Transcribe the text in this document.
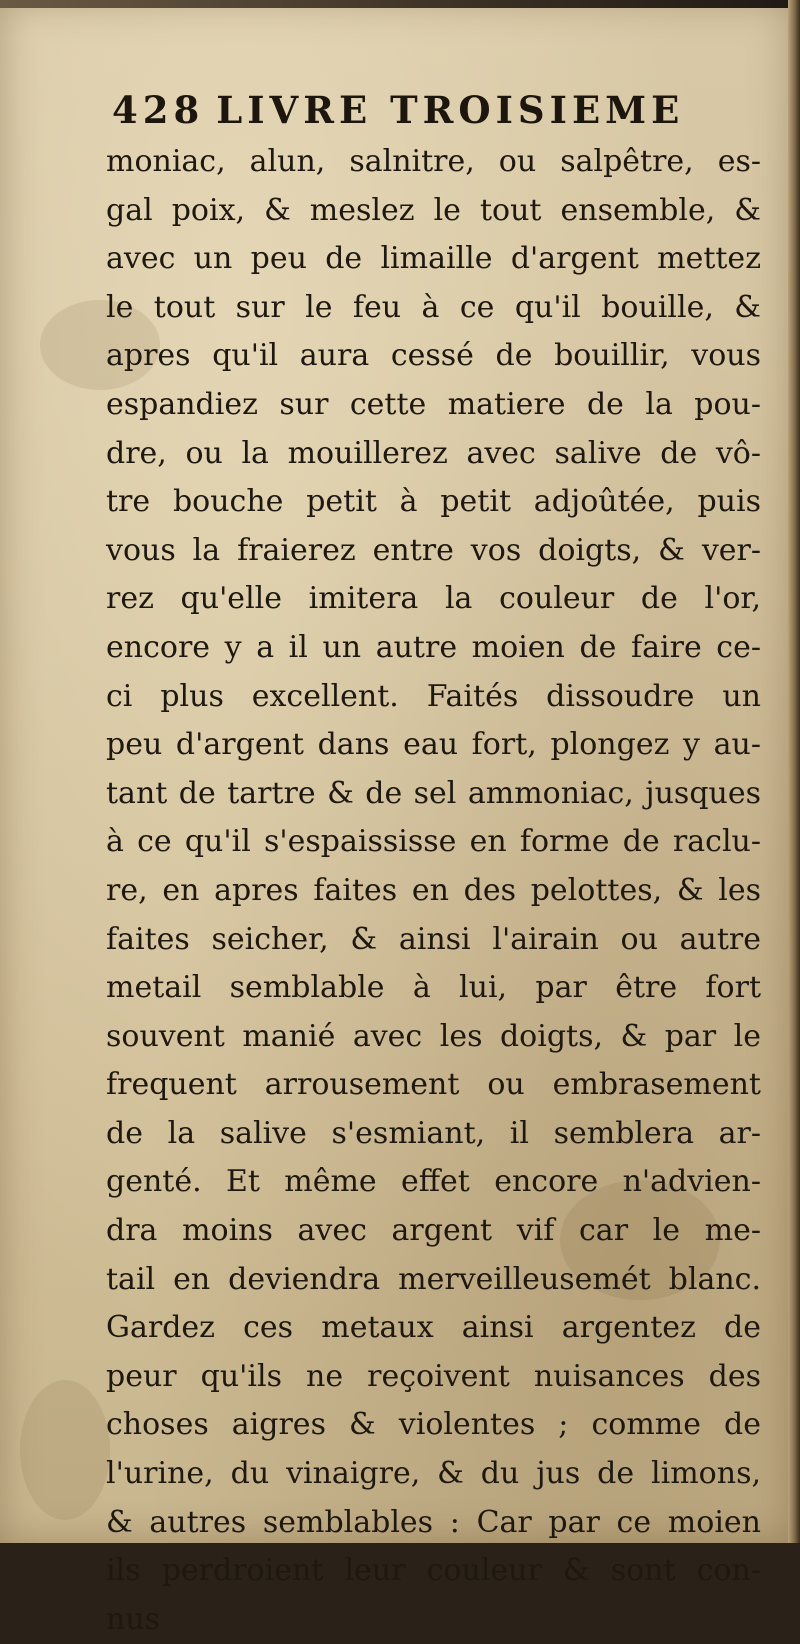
428 LIVRE TROISIEME
moniac, alun, salnitre, ou salpêtre, es-
gal poix, & meslez le tout ensemble, &
avec un peu de limaille d'argent mettez
le tout sur le feu à ce qu'il bouille, &
apres qu'il aura cessé de bouillir, vous
espandiez sur cette matiere de la pou-
dre, ou la mouillerez avec salive de vô-
tre bouche petit à petit adjoûtée, puis
vous la fraierez entre vos doigts, & ver-
rez qu'elle imitera la couleur de l'or,
encore y a il un autre moien de faire ce-
ci plus excellent. Faités dissoudre un
peu d'argent dans eau fort, plongez y au-
tant de tartre & de sel ammoniac, jusques
à ce qu'il s'espaississe en forme de raclu-
re, en apres faites en des pelottes, & les
faites seicher, & ainsi l'airain ou autre
metail semblable à lui, par être fort
souvent manié avec les doigts, & par le
frequent arrousement ou embrasement
de la salive s'esmiant, il semblera ar-
genté. Et même effet encore n'advien-
dra moins avec argent vif car le me-
tail en deviendra merveilleusemét blanc.
Gardez ces metaux ainsi argentez de
peur qu'ils ne reçoivent nuisances des
choses aigres & violentes ; comme de
l'urine, du vinaigre, & du jus de limons,
& autres semblables : Car par ce moien
ils perdroient leur couleur & sont con-
nus
